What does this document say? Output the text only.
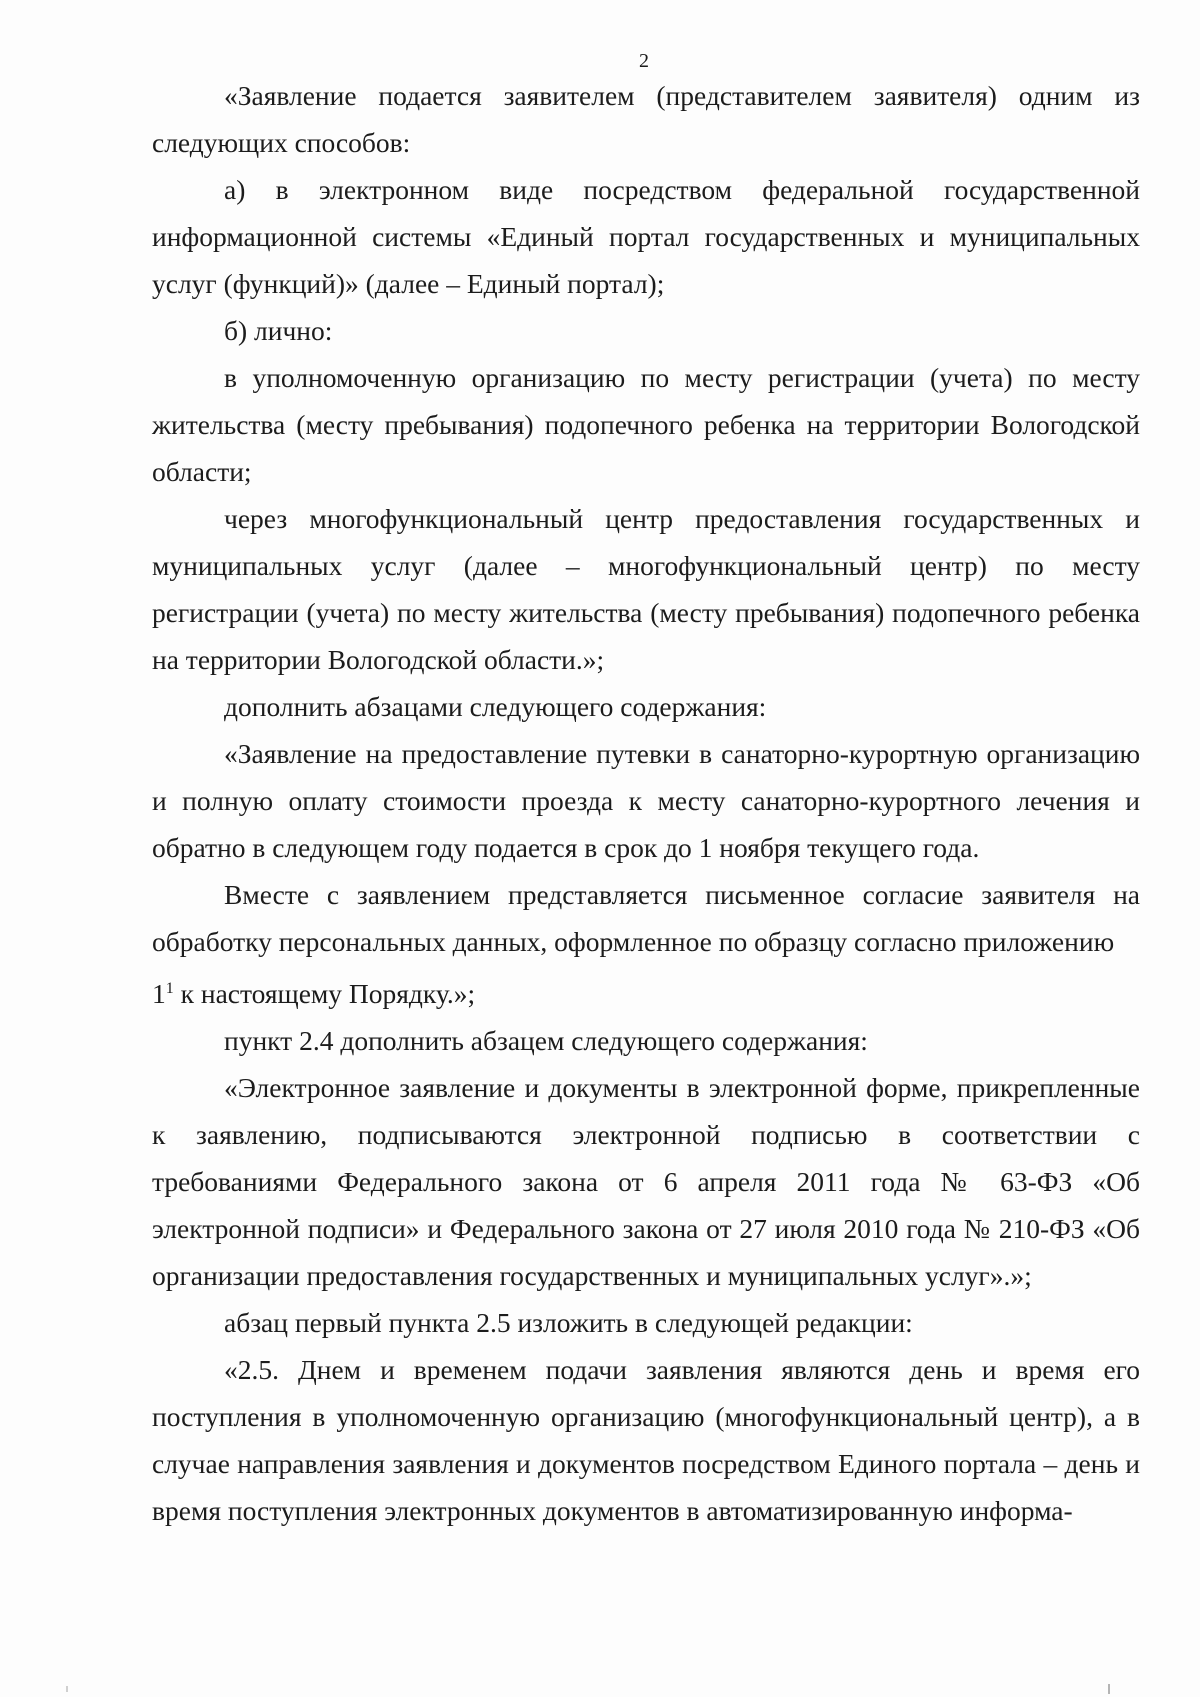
2

«Заявление подается заявителем (представителем заявителя) одним из следующих способов:

а) в электронном виде посредством федеральной государственной информационной системы «Единый портал государственных и муниципальных услуг (функций)» (далее – Единый портал);

б) лично:

в уполномоченную организацию по месту регистрации (учета) по месту жительства (месту пребывания) подопечного ребенка на территории Вологодской области;

через многофункциональный центр предоставления государственных и муниципальных услуг (далее – многофункциональный центр) по месту регистрации (учета) по месту жительства (месту пребывания) подопечного ребенка на территории Вологодской области.»;

дополнить абзацами следующего содержания:

«Заявление на предоставление путевки в санаторно-курортную организацию и полную оплату стоимости проезда к месту санаторно-курортного лечения и обратно в следующем году подается в срок до 1 ноября текущего года.

Вместе с заявлением представляется письменное согласие заявителя на обработку персональных данных, оформленное по образцу согласно приложению

$1^1$ к настоящему Порядку.»;

пункт 2.4 дополнить абзацем следующего содержания:

«Электронное заявление и документы в электронной форме, прикрепленные к заявлению, подписываются электронной подписью в соответствии с требованиями Федерального закона от 6 апреля 2011 года № 63-ФЗ «Об электронной подписи» и Федерального закона от 27 июля 2010 года № 210-ФЗ «Об организации предоставления государственных и муниципальных услуг».»;

абзац первый пункта 2.5 изложить в следующей редакции:

«2.5. Днем и временем подачи заявления являются день и время его поступления в уполномоченную организацию (многофункциональный центр), а в случае направления заявления и документов посредством Единого портала – день и время поступления электронных документов в автоматизированную информа-
